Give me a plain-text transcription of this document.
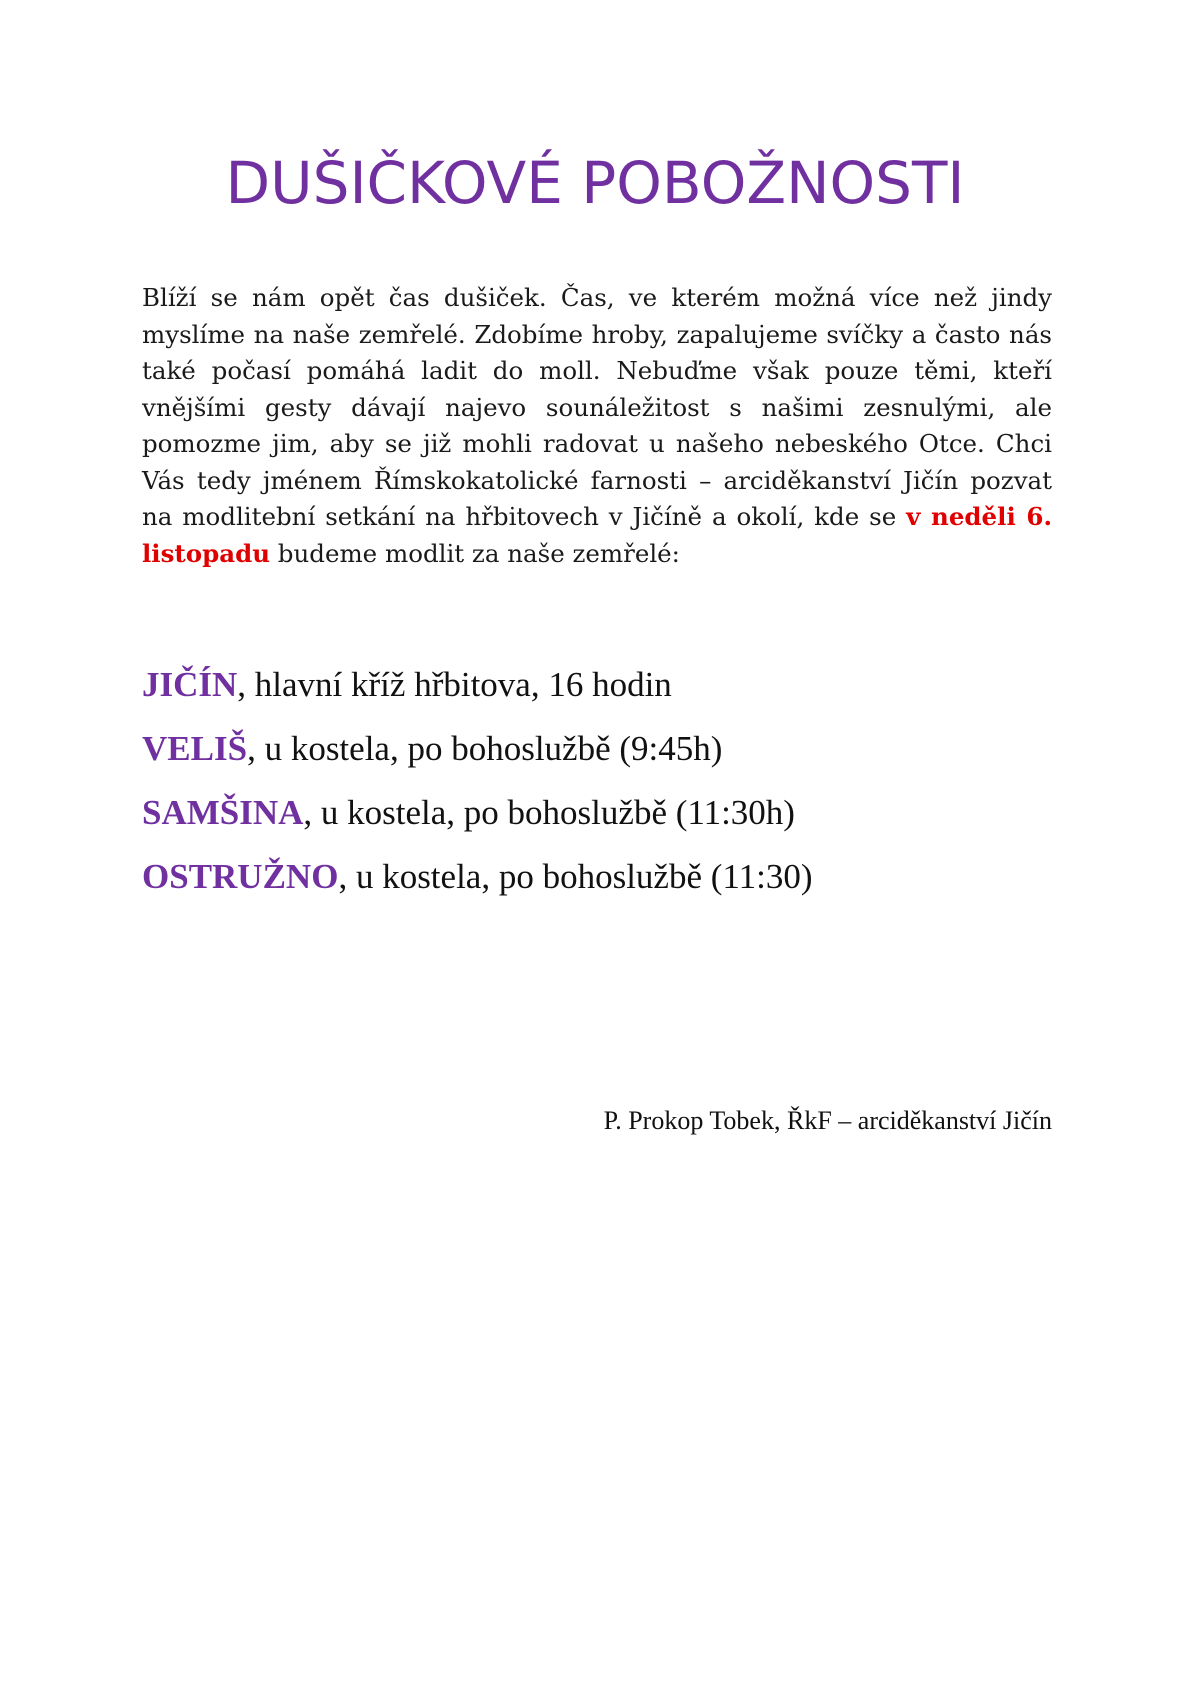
DUŠIČKOVÉ POBOŽNOSTI

Blíží se nám opět čas dušiček. Čas, ve kterém možná více než jindy myslíme na naše zemřelé. Zdobíme hroby, zapalujeme svíčky a často nás také počasí pomáhá ladit do moll. Nebuďme však pouze těmi, kteří vnějšími gesty dávají najevo sounáležitost s našimi zesnulými, ale pomozme jim, aby se již mohli radovat u našeho nebeského Otce. Chci Vás tedy jménem Římskokatolické farnosti – arciděkanství Jičín pozvat na modlitební setkání na hřbitovech v Jičíně a okolí, kde se v neděli 6. listopadu budeme modlit za naše zemřelé:

JIČÍN, hlavní kříž hřbitova, 16 hodin
VELIŠ, u kostela, po bohoslužbě (9:45h)
SAMŠINA, u kostela, po bohoslužbě (11:30h)
OSTRUŽNO, u kostela, po bohoslužbě (11:30)

P. Prokop Tobek, ŘkF – arciděkanství Jičín
